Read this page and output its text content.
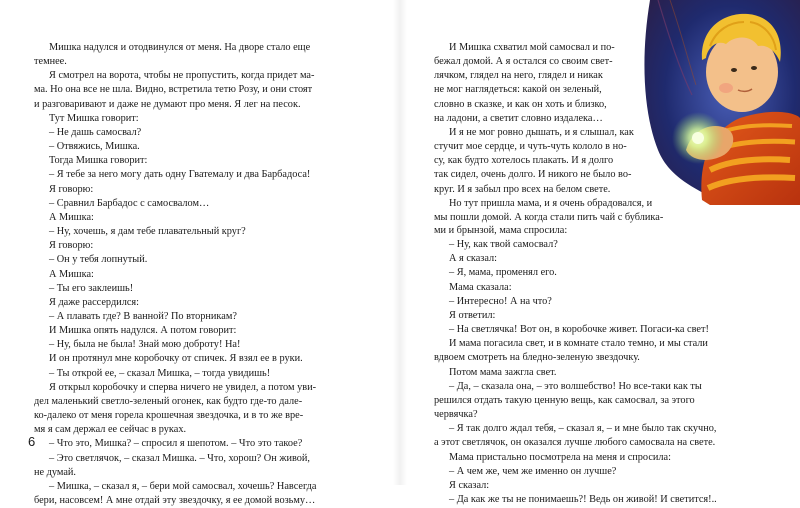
Мишка надулся и отодвинулся от меня. На дворе стало еще
темнее.
Я смотрел на ворота, чтобы не пропустить, когда придет ма-
ма. Но она все не шла. Видно, встретила тетю Розу, и они стоят
и разговаривают и даже не думают про меня. Я лег на песок.
Тут Мишка говорит:
– Не дашь самосвал?
– Отвяжись, Мишка.
Тогда Мишка говорит:
– Я тебе за него могу дать одну Гватемалу и два Барбадоса!
Я говорю:
– Сравнил Барбадос с самосвалом…
А Мишка:
– Ну, хочешь, я дам тебе плавательный круг?
Я говорю:
– Он у тебя лопнутый.
А Мишка:
– Ты его заклеишь!
Я даже рассердился:
– А плавать где? В ванной? По вторникам?
И Мишка опять надулся. А потом говорит:
– Ну, была не была! Знай мою доброту! На!
И он протянул мне коробочку от спичек. Я взял ее в руки.
– Ты открой ее, – сказал Мишка, – тогда увидишь!
Я открыл коробочку и сперва ничего не увидел, а потом уви-
дел маленький светло-зеленый огонек, как будто где-то дале-
ко-далеко от меня горела крошечная звездочка, и в то же вре-
мя я сам держал ее сейчас в руках.
– Что это, Мишка? – спросил я шепотом. – Что это такое?
– Это светлячок, – сказал Мишка. – Что, хорош? Он живой,
не думай.
– Мишка, – сказал я, – бери мой самосвал, хочешь? Навсегда
бери, насовсем! А мне отдай эту звездочку, я ее домой возьму…
6
И Мишка схватил мой самосвал и по-
бежал домой. А я остался со своим свет-
лячком, глядел на него, глядел и никак
не мог наглядеться: какой он зеленый,
словно в сказке, и как он хоть и близко,
на ладони, а светит словно издалека…
И я не мог ровно дышать, и я слышал, как
стучит мое сердце, и чуть-чуть кололо в но-
су, как будто хотелось плакать. И я долго
так сидел, очень долго. И никого не было во-
круг. И я забыл про всех на белом свете.
Но тут пришла мама, и я очень обрадовался, и
мы пошли домой. А когда стали пить чай с бублика-
ми и брынзой, мама спросила:
– Ну, как твой самосвал?
А я сказал:
– Я, мама, променял его.
Мама сказала:
– Интересно! А на что?
Я ответил:
– На светлячка! Вот он, в коробочке живет. Погаси-ка свет!
И мама погасила свет, и в комнате стало темно, и мы стали
вдвоем смотреть на бледно-зеленую звездочку.
Потом мама зажгла свет.
– Да, – сказала она, – это волшебство! Но все-таки как ты
решился отдать такую ценную вещь, как самосвал, за этого
червячка?
– Я так долго ждал тебя, – сказал я, – и мне было так скучно,
а этот светлячок, он оказался лучше любого самосвала на свете.
Мама пристально посмотрела на меня и спросила:
– А чем же, чем же именно он лучше?
Я сказал:
– Да как же ты не понимаешь?! Ведь он живой! И светится!..
